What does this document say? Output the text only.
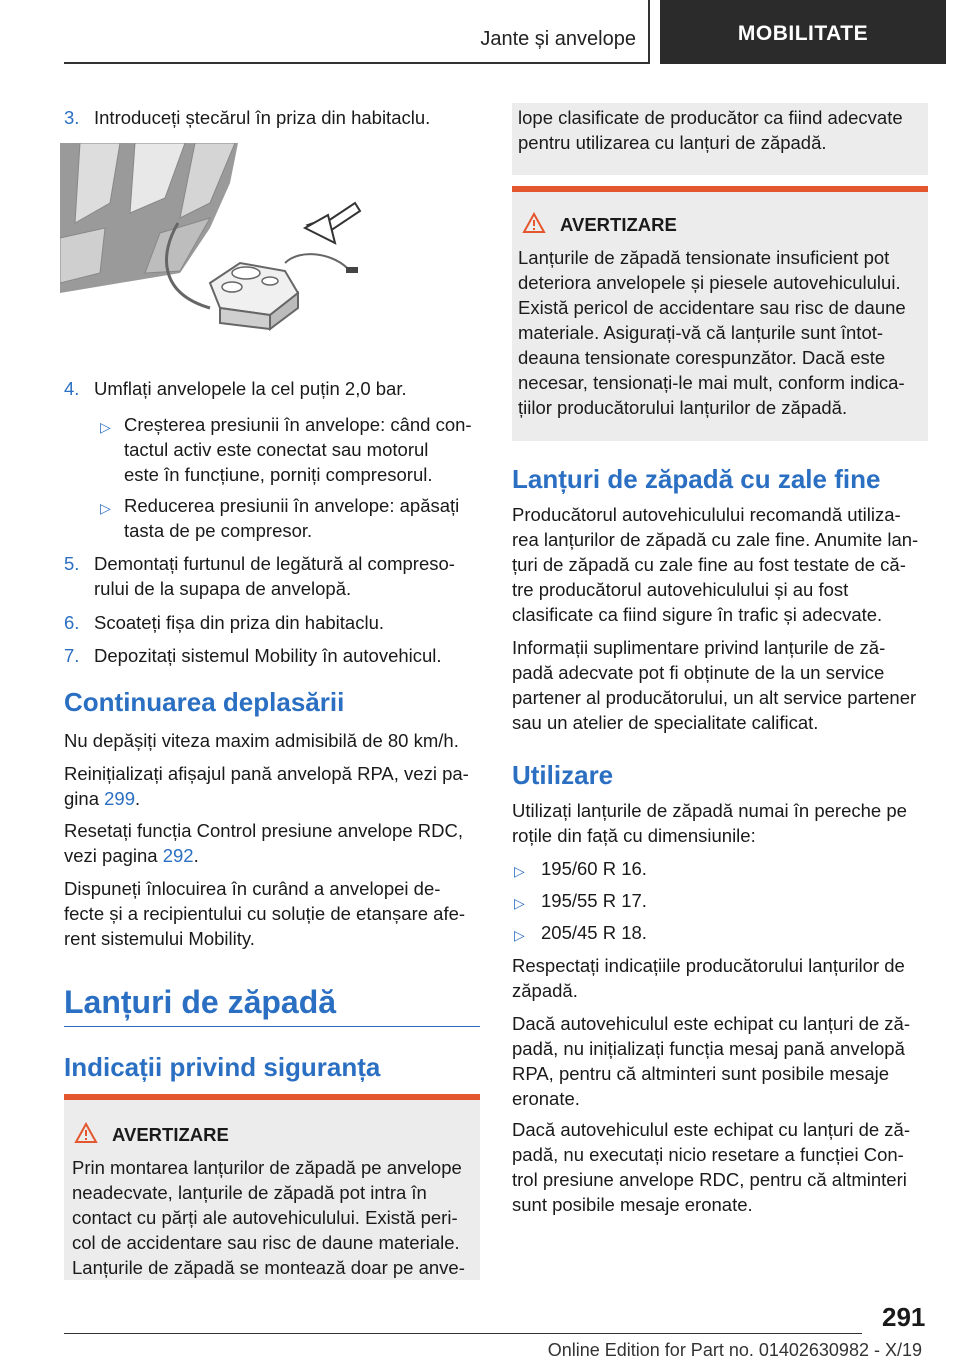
Jante și anvelope	MOBILITATE
3. Introduceți ștecărul în priza din habitaclu.
4. Umflați anvelopele la cel puțin 2,0 bar.
▷ Creșterea presiunii în anvelope: când con-
tactul activ este conectat sau motorul
este în funcțiune, porniți compresorul.
▷ Reducerea presiunii în anvelope: apăsați
tasta de pe compresor.
5. Demontați furtunul de legătură al compreso-
rului de la supapa de anvelopă.
6. Scoateți fișa din priza din habitaclu.
7. Depozitați sistemul Mobility în autovehicul.
Continuarea deplasării

Nu depășiți viteza maxim admisibilă de 80 km/h.

Reinițializați afișajul pană anvelopă RPA, vezi pa-

gina 299.

Resetați funcția Control presiune anvelope RDC,

vezi pagina 292.

Dispuneți înlocuirea în curând a anvelopei de-

fecte și a recipientului cu soluție de etanșare afe-

rent sistemului Mobility.

Lanțuri de zăpadă
Indicații privind siguranța
AVERTIZARE
Prin montarea lanțurilor de zăpadă pe anvelope
neadecvate, lanțurile de zăpadă pot intra în
contact cu părți ale autovehiculului. Există peri-
col de accidentare sau risc de daune materiale.
Lanțurile de zăpadă se montează doar pe anve-
lope clasificate de producător ca fiind adecvate
pentru utilizarea cu lanțuri de zăpadă.
AVERTIZARE
Lanțurile de zăpadă tensionate insuficient pot
deteriora anvelopele și piesele autovehiculului.
Există pericol de accidentare sau risc de daune
materiale. Asigurați-vă că lanțurile sunt întot-
deauna tensionate corespunzător. Dacă este
necesar, tensionați-le mai mult, conform indica-
țiilor producătorului lanțurilor de zăpadă.
Lanțuri de zăpadă cu zale fine

Producătorul autovehiculului recomandă utiliza-

rea lanțurilor de zăpadă cu zale fine. Anumite lan-

țuri de zăpadă cu zale fine au fost testate de că-

tre producătorul autovehiculului și au fost

clasificate ca fiind sigure în trafic și adecvate.

Informații suplimentare privind lanțurile de ză-

padă adecvate pot fi obținute de la un service

partener al producătorului, un alt service partener

sau un atelier de specialitate calificat.

Utilizare

Utilizați lanțurile de zăpadă numai în pereche pe

roțile din față cu dimensiunile:

▷ 195/60 R 16.
▷ 195/55 R 17.
▷ 205/45 R 18.

Respectați indicațiile producătorului lanțurilor de

zăpadă.

Dacă autovehiculul este echipat cu lanțuri de ză-

padă, nu inițializați funcția mesaj pană anvelopă

RPA, pentru că altminteri sunt posibile mesaje

eronate.

Dacă autovehiculul este echipat cu lanțuri de ză-

padă, nu executați nicio resetare a funcției Con-

trol presiune anvelope RDC, pentru că altminteri

sunt posibile mesaje eronate.

291
Online Edition for Part no. 01402630982 - X/19
